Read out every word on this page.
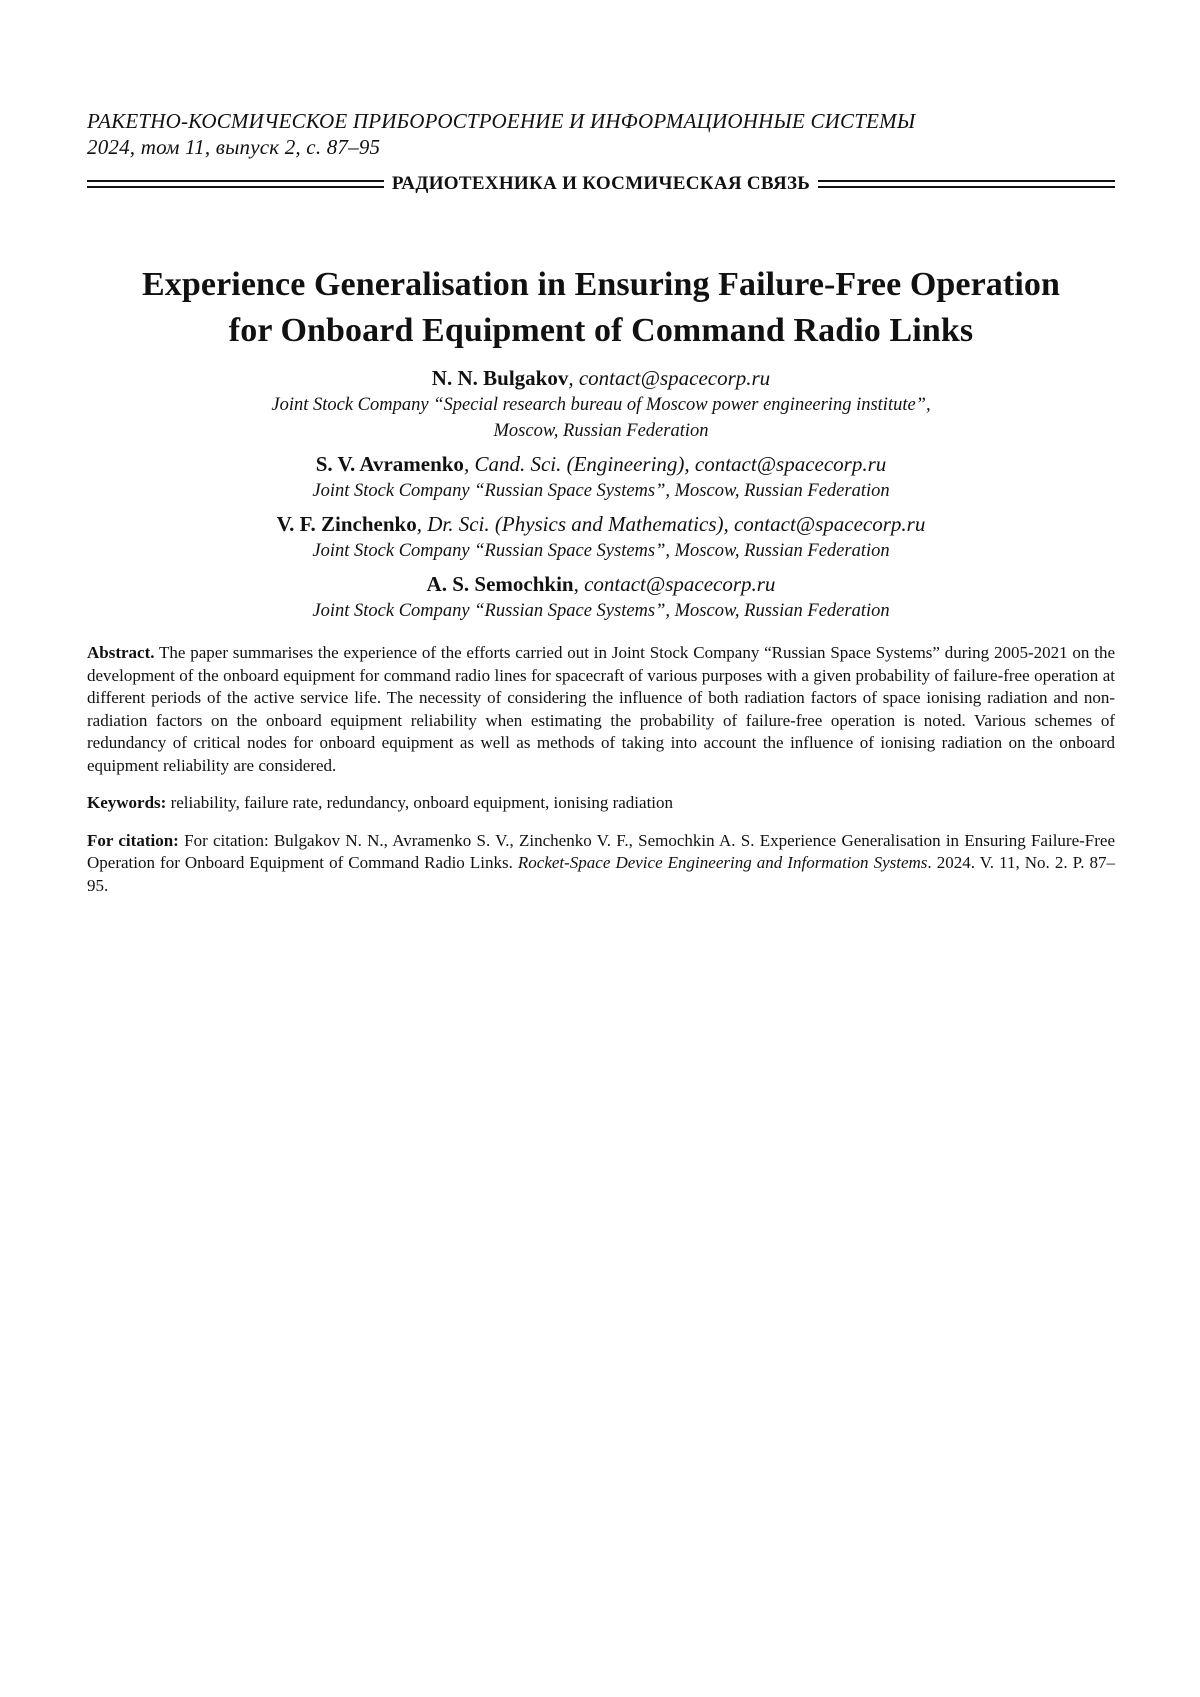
РАКЕТНО-КОСМИЧЕСКОЕ ПРИБОРОСТРОЕНИЕ И ИНФОРМАЦИОННЫЕ СИСТЕМЫ
2024, том 11, выпуск 2, с. 87–95
РАДИОТЕХНИКА И КОСМИЧЕСКАЯ СВЯЗЬ
Experience Generalisation in Ensuring Failure-Free Operation
for Onboard Equipment of Command Radio Links
N. N. Bulgakov, contact@spacecorp.ru
Joint Stock Company “Special research bureau of Moscow power engineering institute”,
Moscow, Russian Federation
S. V. Avramenko, Cand. Sci. (Engineering), contact@spacecorp.ru
Joint Stock Company “Russian Space Systems”, Moscow, Russian Federation
V. F. Zinchenko, Dr. Sci. (Physics and Mathematics), contact@spacecorp.ru
Joint Stock Company “Russian Space Systems”, Moscow, Russian Federation
A. S. Semochkin, contact@spacecorp.ru
Joint Stock Company “Russian Space Systems”, Moscow, Russian Federation

Abstract. The paper summarises the experience of the efforts carried out in Joint Stock Company “Russian Space Systems” during 2005-2021 on the development of the onboard equipment for command radio lines for spacecraft of various purposes with a given probability of failure-free operation at different periods of the active service life. The necessity of considering the influence of both radiation factors of space ionising radiation and non-radiation factors on the onboard equipment reliability when estimating the probability of failure-free operation is noted. Various schemes of redundancy of critical nodes for onboard equipment as well as methods of taking into account the influence of ionising radiation on the onboard equipment reliability are considered.

Keywords: reliability, failure rate, redundancy, onboard equipment, ionising radiation

For citation: For citation: Bulgakov N. N., Avramenko S. V., Zinchenko V. F., Semochkin A. S. Experience Generalisation in Ensuring Failure-Free Operation for Onboard Equipment of Command Radio Links. Rocket-Space Device Engineering and Information Systems. 2024. V. 11, No. 2. P. 87–95.
